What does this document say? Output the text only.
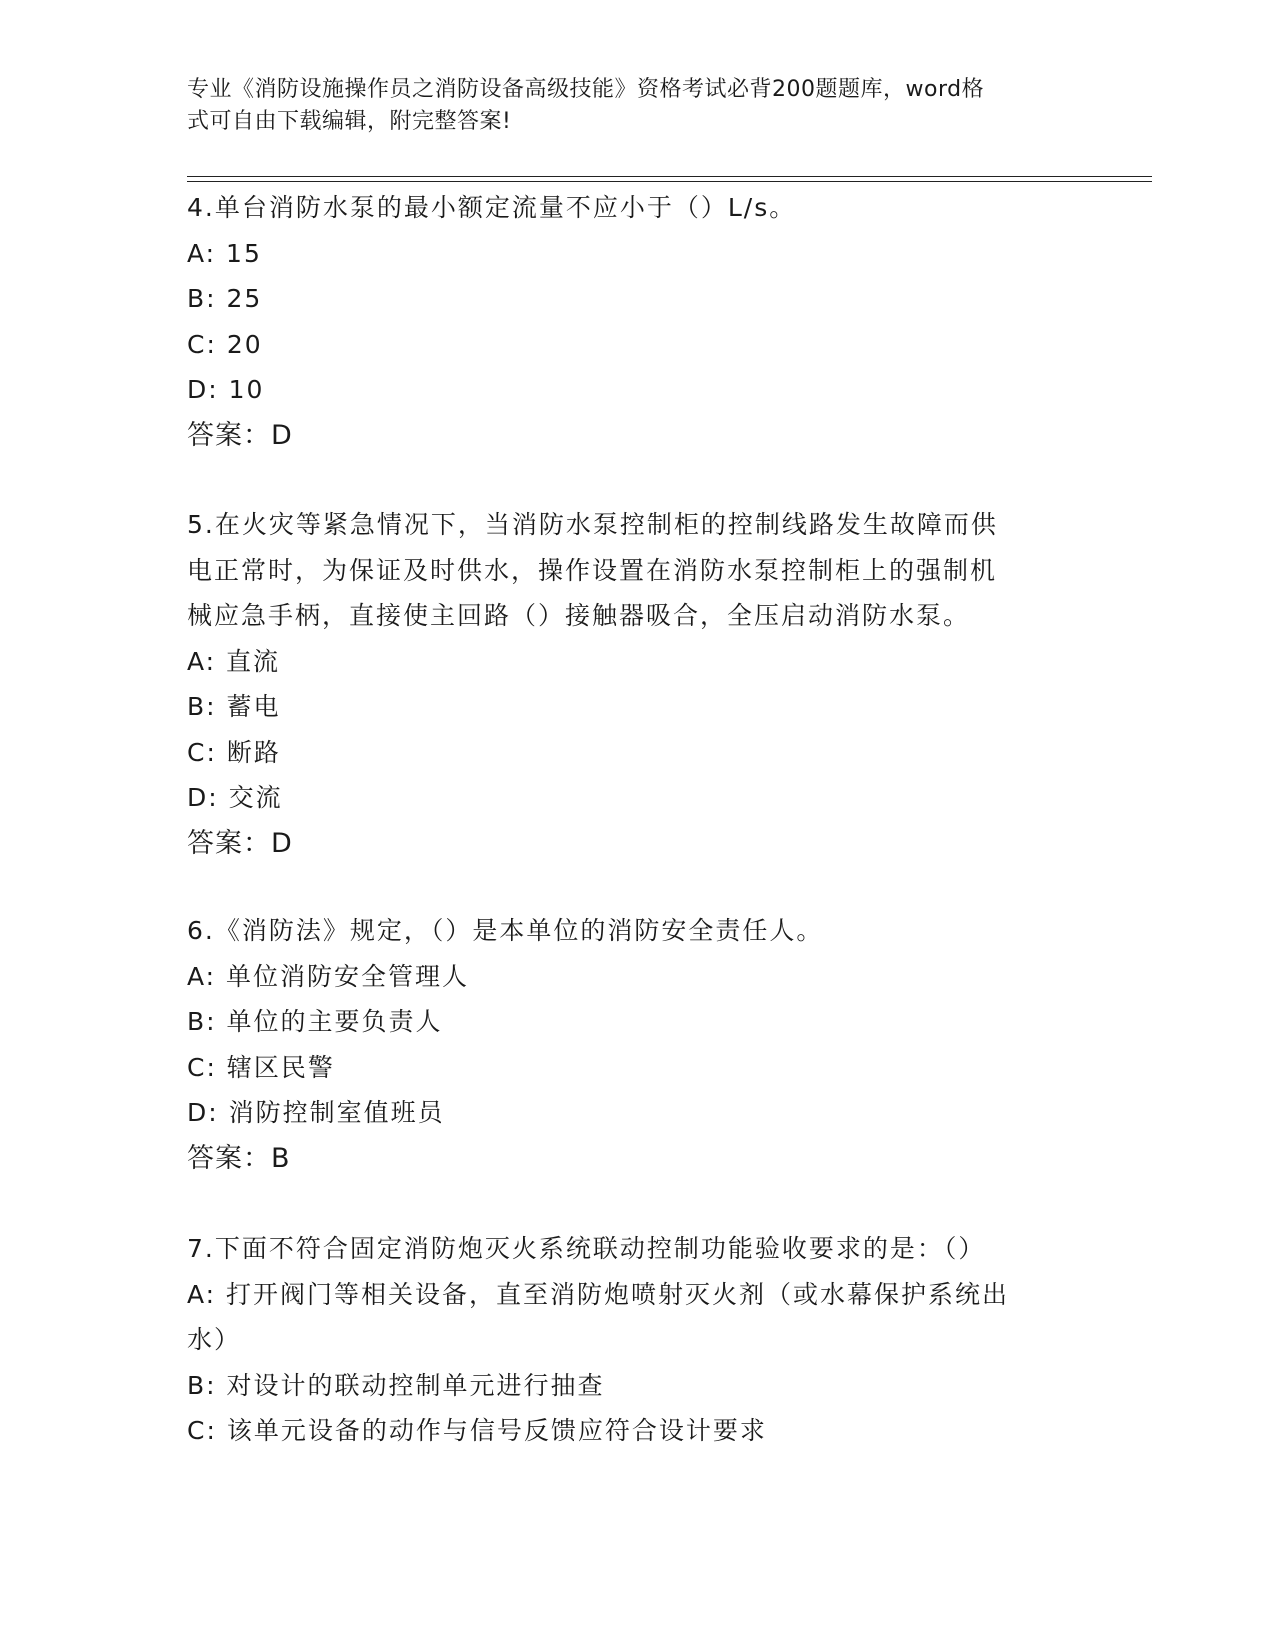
专业《消防设施操作员之消防设备高级技能》资格考试必背200题题库，word格
式可自由下载编辑，附完整答案!

4.单台消防水泵的最小额定流量不应小于（）L/s。

A: 15

B: 25

C: 20

D: 10

答案：D

5.在火灾等紧急情况下，当消防水泵控制柜的控制线路发生故障而供

电正常时，为保证及时供水，操作设置在消防水泵控制柜上的强制机

械应急手柄，直接使主回路（）接触器吸合，全压启动消防水泵。

A: 直流

B: 蓄电

C: 断路

D: 交流

答案：D

6.《消防法》规定，（）是本单位的消防安全责任人。

A: 单位消防安全管理人

B: 单位的主要负责人

C: 辖区民警

D: 消防控制室值班员

答案：B

7.下面不符合固定消防炮灭火系统联动控制功能验收要求的是：（）

A: 打开阀门等相关设备，直至消防炮喷射灭火剂（或水幕保护系统出

水）

B: 对设计的联动控制单元进行抽查

C: 该单元设备的动作与信号反馈应符合设计要求
